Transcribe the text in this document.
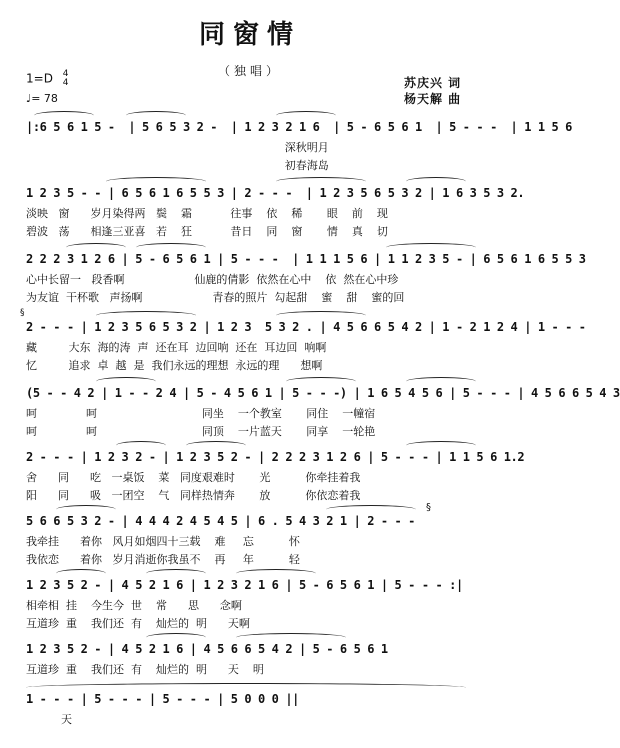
同窗情
（独唱）
1=D 4
4
♩= 78
苏庆兴 词
杨天解 曲
|:6 5 6 1 5 -  | 5 6 5 3 2 -  | 1 2 3 2 1 6  | 5 - 6 5 6 1  | 5 - - -  | 1 1 5 6
深秋明月
初春海岛
1 2 3 5 - - | 6 5 6 1 6 5 5 3 | 2 - - -  | 1 2 3 5 6 5 3 2 | 1 6 3 5 3 2.
淡映   窗      岁月染得两   鬓    霜           往事    依    稀       眼    前    现
碧波   荡      相逢三亚喜   若    狂           昔日    同    窗       情    真    切
2 2 2 3 1 2 6 | 5 - 6 5 6 1 | 5 - - -  | 1 1 1 5 6 | 1 1 2 3 5 - | 6 5 6 1 6 5 5 3
心中长留一   段香啊                    仙鹿的倩影  依然在心中    依  然在心中珍
为友谊  干杯歌   声扬啊                    青春的照片  勾起甜    蜜    甜    蜜的回
§
2 - - - | 1 2 3 5 6 5 3 2 | 1 2 3  5 3 2 . | 4 5 6 6 5 4 2 | 1 - 2 1 2 4 | 1 - - -
藏         大东  海的涛  声  还在耳  边回响  还在  耳边回  响啊
忆         追求  卓  越  是  我们永远的理想  永远的理      想啊
(5 - - 4 2 | 1 - - 2 4 | 5 - 4 5 6 1 | 5 - - -) | 1 6 5 4 5 6 | 5 - - - | 4 5 6 6 5 4 3
呵              呵                              同坐    一个教室       同住    一幢宿
呵              呵                              同顶    一片蓝天       同享    一轮艳
2 - - - | 1 2 3 2 - | 1 2 3 5 2 - | 2 2 2 3 1 2 6 | 5 - - - | 1 1 5 6 1.2
舍      同      吃   一桌饭    菜   同度艰难时       光          你牵挂着我
阳      同      吸   一团空    气   同样热情奔       放          你依恋着我
§
5 6 6 5 3 2 - | 4 4 4 2 4 5 4 5 | 6 . 5 4 3 2 1 | 2 - - -
我牵挂      着你   风月如烟四十三载    难     忘          怀
我依恋      着你   岁月消逝你我虽不    再     年          轻
1 2 3 5 2 - | 4 5 2 1 6 | 1 2 3 2 1 6 | 5 - 6 5 6 1 | 5 - - - :|
相牵相  挂    今生今  世    常      思      念啊
互道珍  重    我们还  有    灿烂的  明      天啊
1 2 3 5 2 - | 4 5 2 1 6 | 4 5 6 6 5 4 2 | 5 - 6 5 6 1
互道珍  重    我们还  有    灿烂的  明      天    明
1 - - - | 5 - - - | 5 - - - | 5 0 0 0 ||
天
